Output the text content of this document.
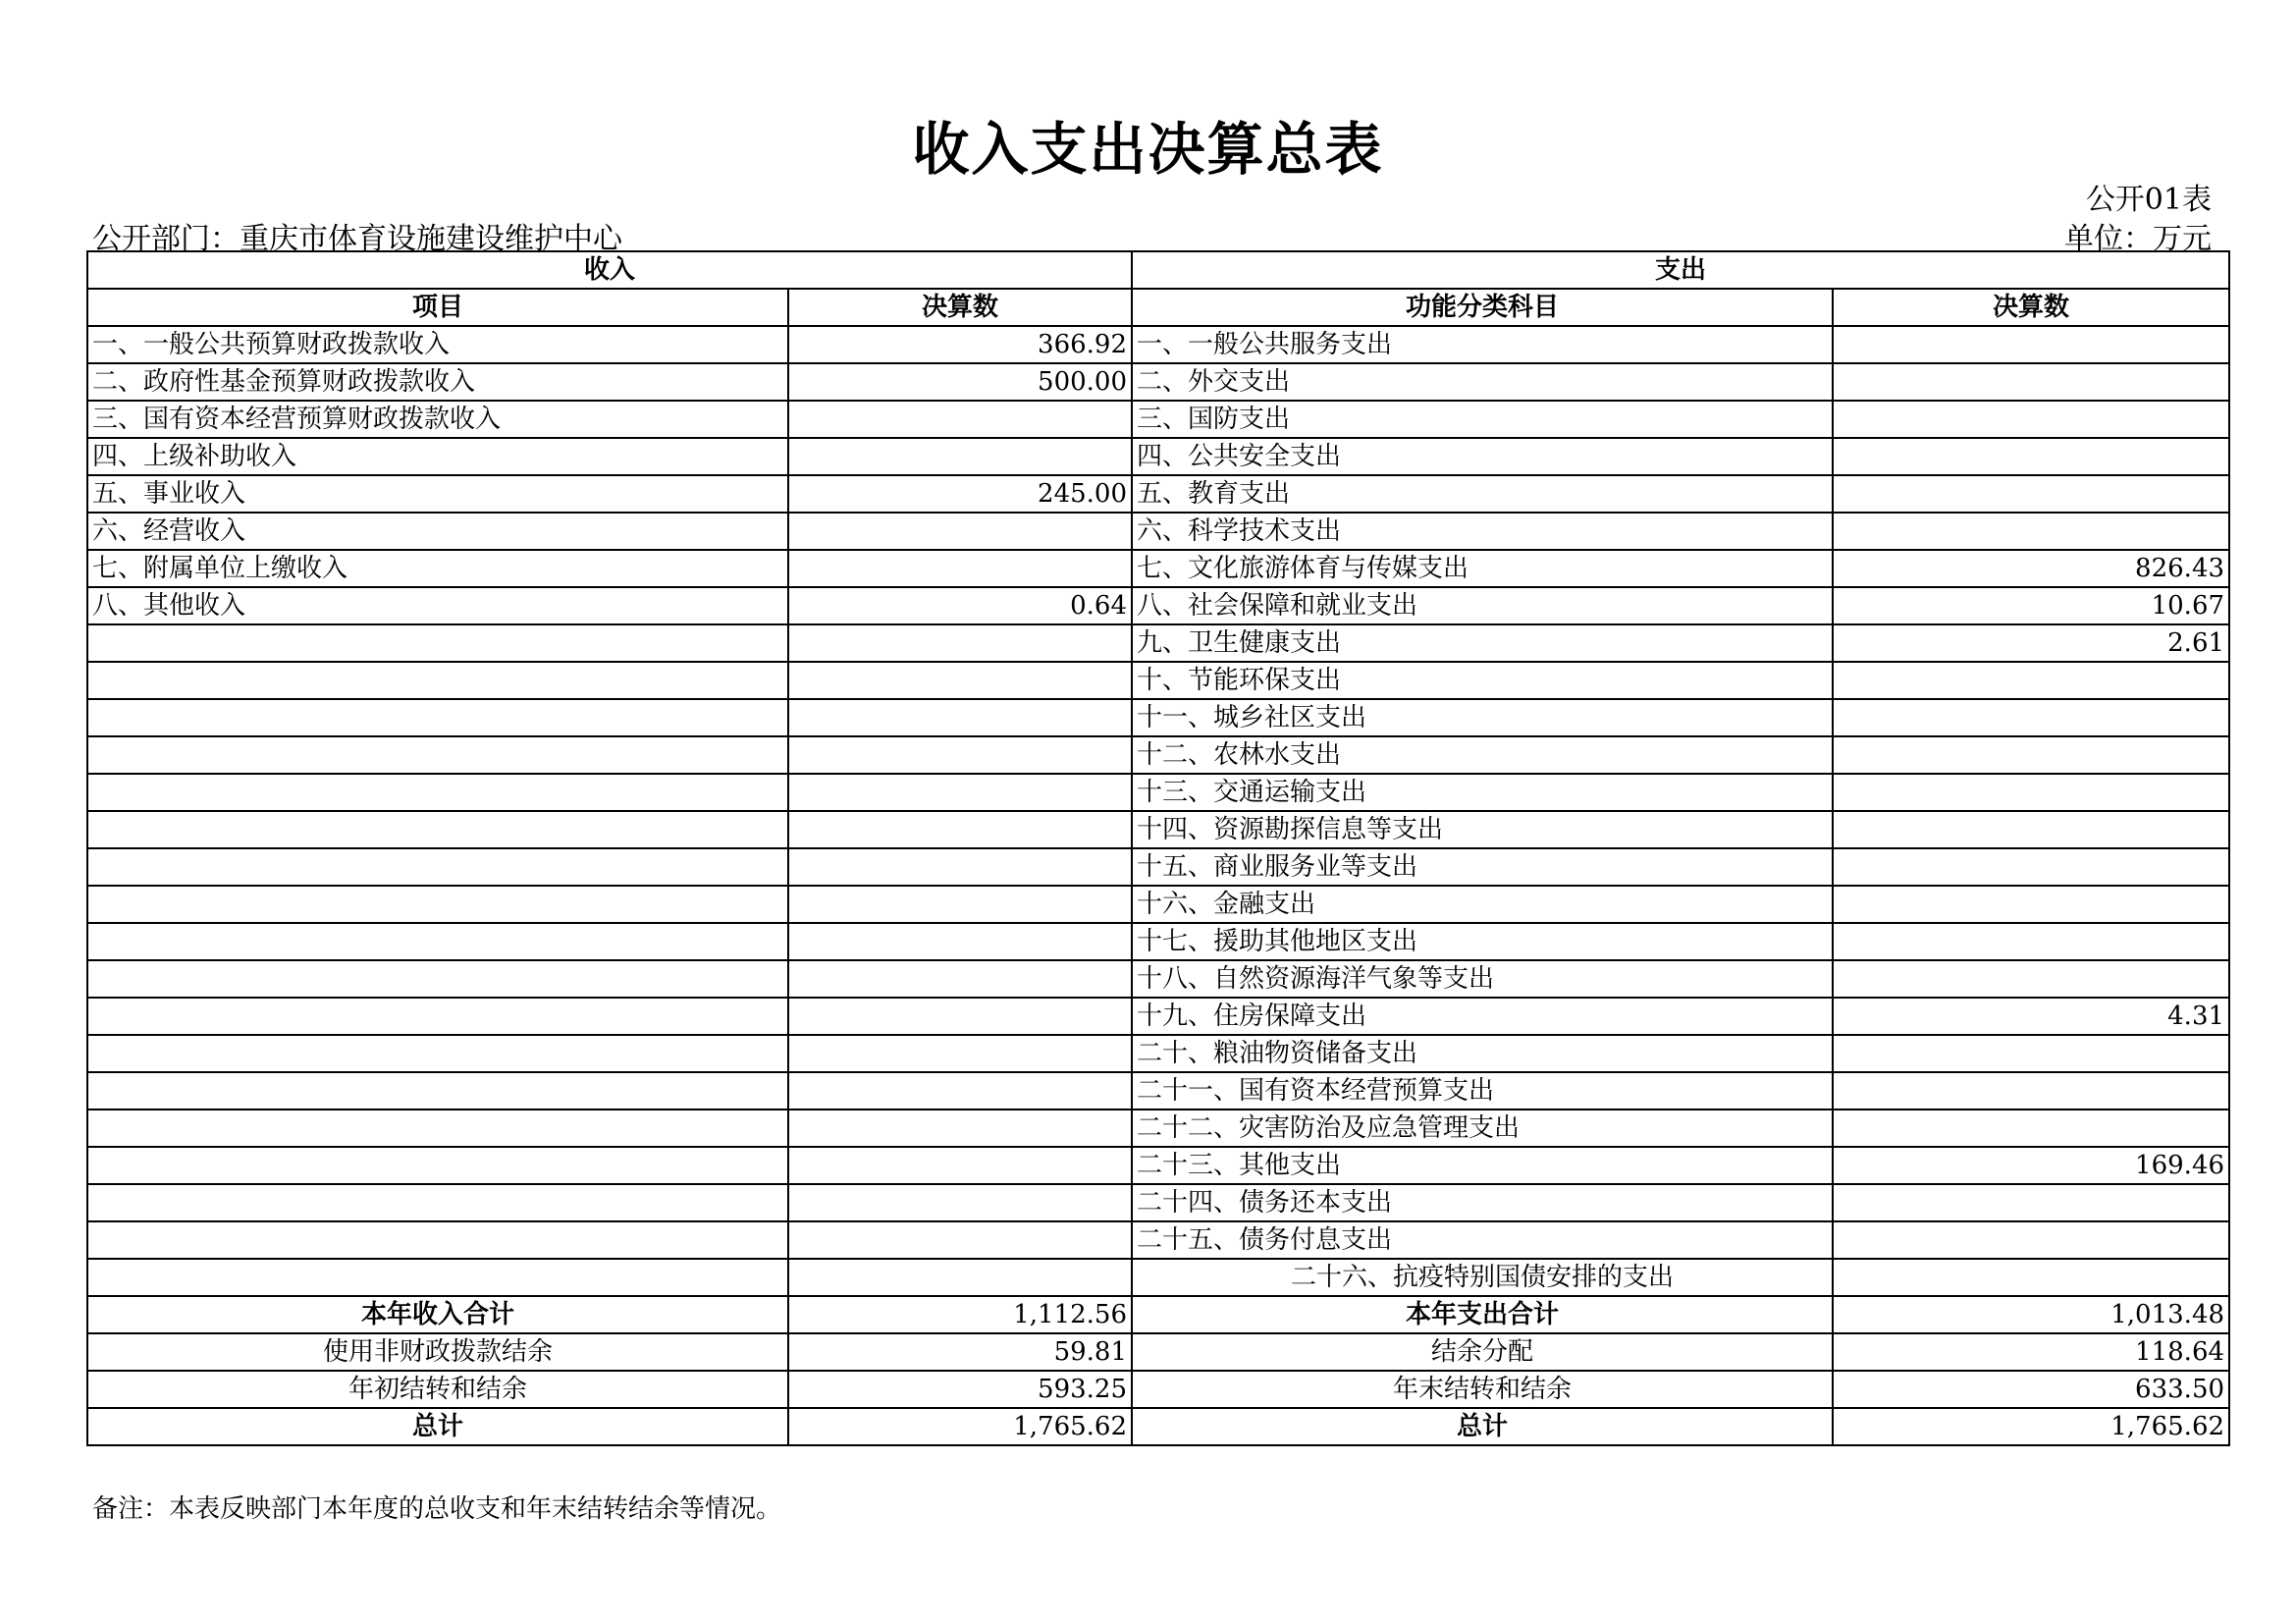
收入支出决算总表
公开01表
公开部门：重庆市体育设施建设维护中心	单位：万元
收入		支出	
项目	决算数	功能分类科目	决算数
一、一般公共预算财政拨款收入	366.92	一、一般公共服务支出	
二、政府性基金预算财政拨款收入	500.00	二、外交支出	
三、国有资本经营预算财政拨款收入		三、国防支出	
四、上级补助收入		四、公共安全支出	
五、事业收入	245.00	五、教育支出	
六、经营收入		六、科学技术支出	
七、附属单位上缴收入		七、文化旅游体育与传媒支出	826.43
八、其他收入	0.64	八、社会保障和就业支出	10.67
		九、卫生健康支出	2.61
		十、节能环保支出	
		十一、城乡社区支出	
		十二、农林水支出	
		十三、交通运输支出	
		十四、资源勘探信息等支出	
		十五、商业服务业等支出	
		十六、金融支出	
		十七、援助其他地区支出	
		十八、自然资源海洋气象等支出	
		十九、住房保障支出	4.31
		二十、粮油物资储备支出	
		二十一、国有资本经营预算支出	
		二十二、灾害防治及应急管理支出	
		二十三、其他支出	169.46
		二十四、债务还本支出	
		二十五、债务付息支出	
		二十六、抗疫特别国债安排的支出	
本年收入合计	1,112.56	本年支出合计	1,013.48
使用非财政拨款结余	59.81	结余分配	118.64
年初结转和结余	593.25	年末结转和结余	633.50
总计	1,765.62	总计	1,765.62
备注：本表反映部门本年度的总收支和年末结转结余等情况。
